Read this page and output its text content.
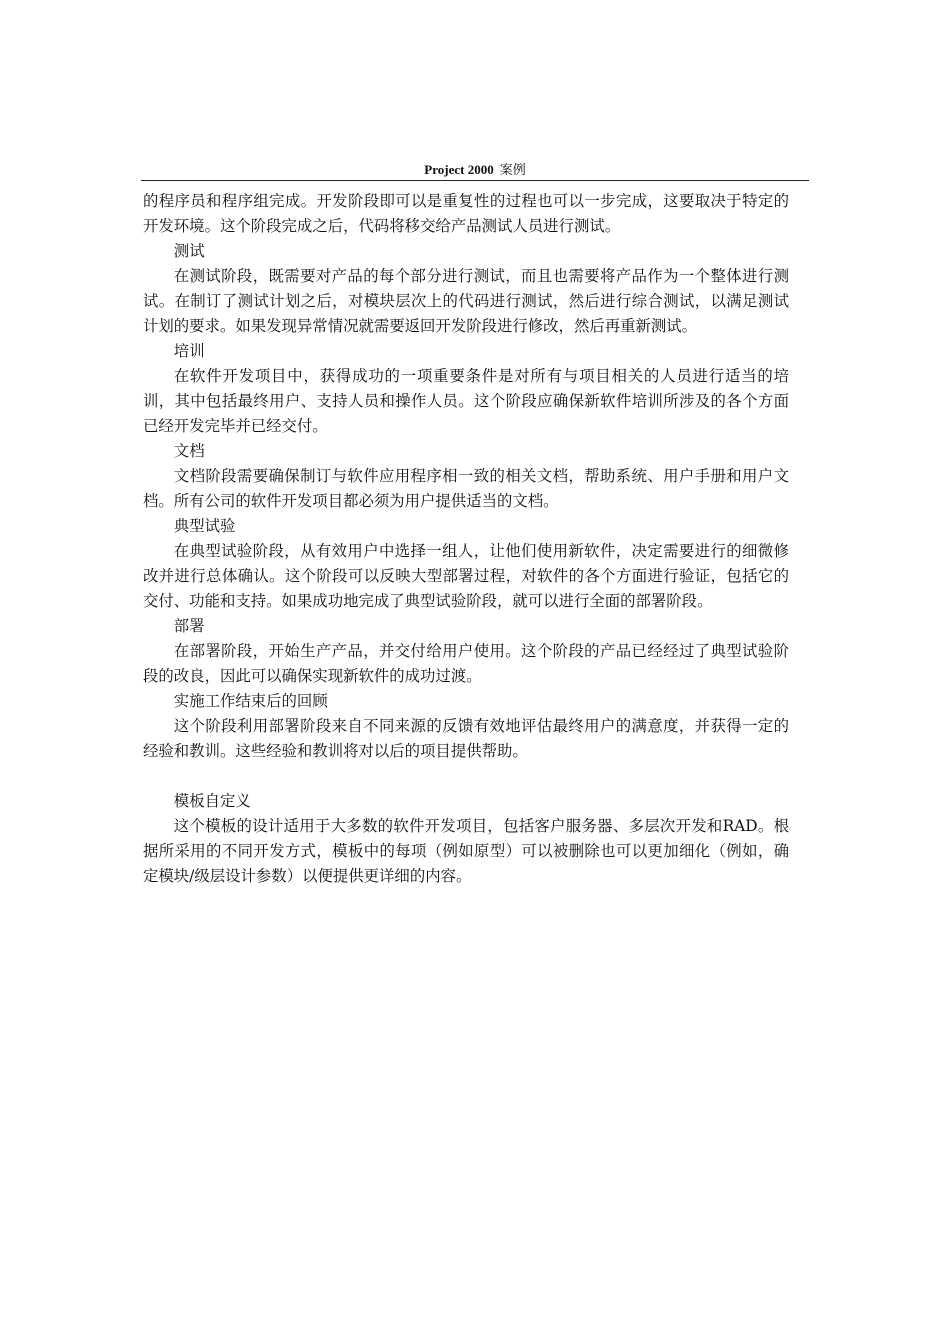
Project 2000 案例

的程序员和程序组完成。开发阶段即可以是重复性的过程也可以一步完成，这要取决于特定的开发环境。这个阶段完成之后，代码将移交给产品测试人员进行测试。

测试

在测试阶段，既需要对产品的每个部分进行测试，而且也需要将产品作为一个整体进行测试。在制订了测试计划之后，对模块层次上的代码进行测试，然后进行综合测试，以满足测试计划的要求。如果发现异常情况就需要返回开发阶段进行修改，然后再重新测试。

培训

在软件开发项目中，获得成功的一项重要条件是对所有与项目相关的人员进行适当的培训，其中包括最终用户、支持人员和操作人员。这个阶段应确保新软件培训所涉及的各个方面已经开发完毕并已经交付。

文档

文档阶段需要确保制订与软件应用程序相一致的相关文档，帮助系统、用户手册和用户文档。所有公司的软件开发项目都必须为用户提供适当的文档。

典型试验

在典型试验阶段，从有效用户中选择一组人，让他们使用新软件，决定需要进行的细微修改并进行总体确认。这个阶段可以反映大型部署过程，对软件的各个方面进行验证，包括它的交付、功能和支持。如果成功地完成了典型试验阶段，就可以进行全面的部署阶段。

部署

在部署阶段，开始生产产品，并交付给用户使用。这个阶段的产品已经经过了典型试验阶段的改良，因此可以确保实现新软件的成功过渡。

实施工作结束后的回顾

这个阶段利用部署阶段来自不同来源的反馈有效地评估最终用户的满意度，并获得一定的经验和教训。这些经验和教训将对以后的项目提供帮助。

模板自定义

这个模板的设计适用于大多数的软件开发项目，包括客户服务器、多层次开发和RAD。根据所采用的不同开发方式，模板中的每项（例如原型）可以被删除也可以更加细化（例如，确定模块/级层设计参数）以便提供更详细的内容。
